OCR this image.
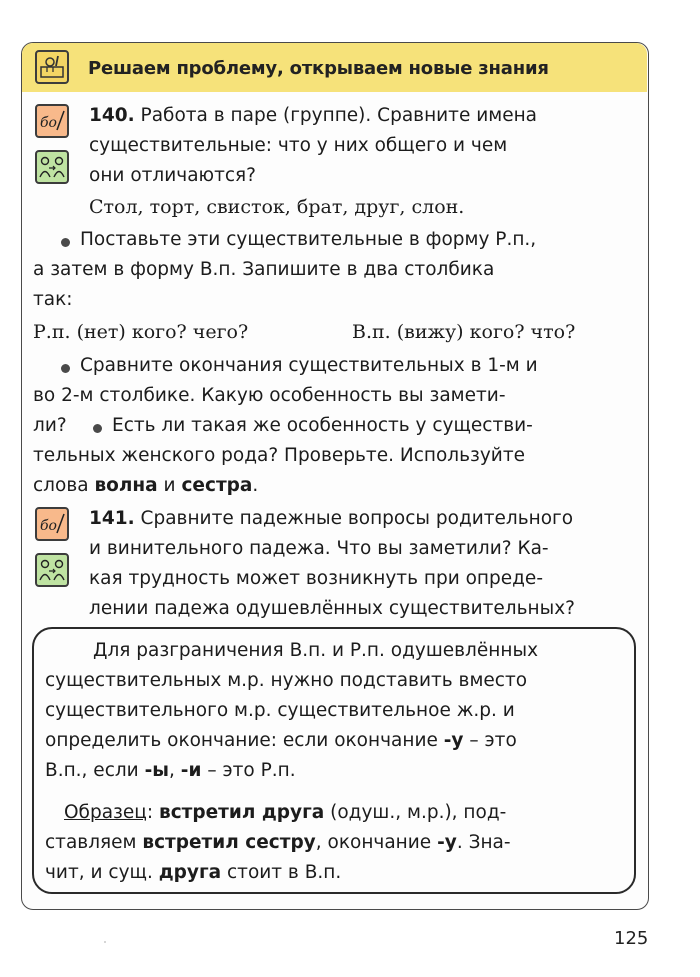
Решаем проблему, открываем новые знания
бо 140. Работа в паре (группе). Сравните имена
существительные: что у них общего и чем
они отличаются?
Стол, торт, свисток, брат, друг, слон.
Поставьте эти существительные в форму Р.п.,
а затем в форму В.п. Запишите в два столбика
так:
Р.п. (нет) кого? чего?	В.п. (вижу) кого? что?
Сравните окончания существительных в 1-м и
во 2-м столбике. Какую особенность вы замети-
ли? Есть ли такая же особенность у существи-
тельных женского рода? Проверьте. Используйте
слова волна и сестра.
бо 141. Сравните падежные вопросы родительного
и винительного падежа. Что вы заметили? Ка-
кая трудность может возникнуть при опреде-
лении падежа одушевлённых существительных?
Для разграничения В.п. и Р.п. одушевлённых
существительных м.р. нужно подставить вместо
существительного м.р. существительное ж.р. и
определить окончание: если окончание -у – это
В.п., если -ы, -и – это Р.п.
Образец: встретил друга (одуш., м.р.), под-
ставляем встретил сестру, окончание -у. Зна-
чит, и сущ. друга стоит в В.п.
125
